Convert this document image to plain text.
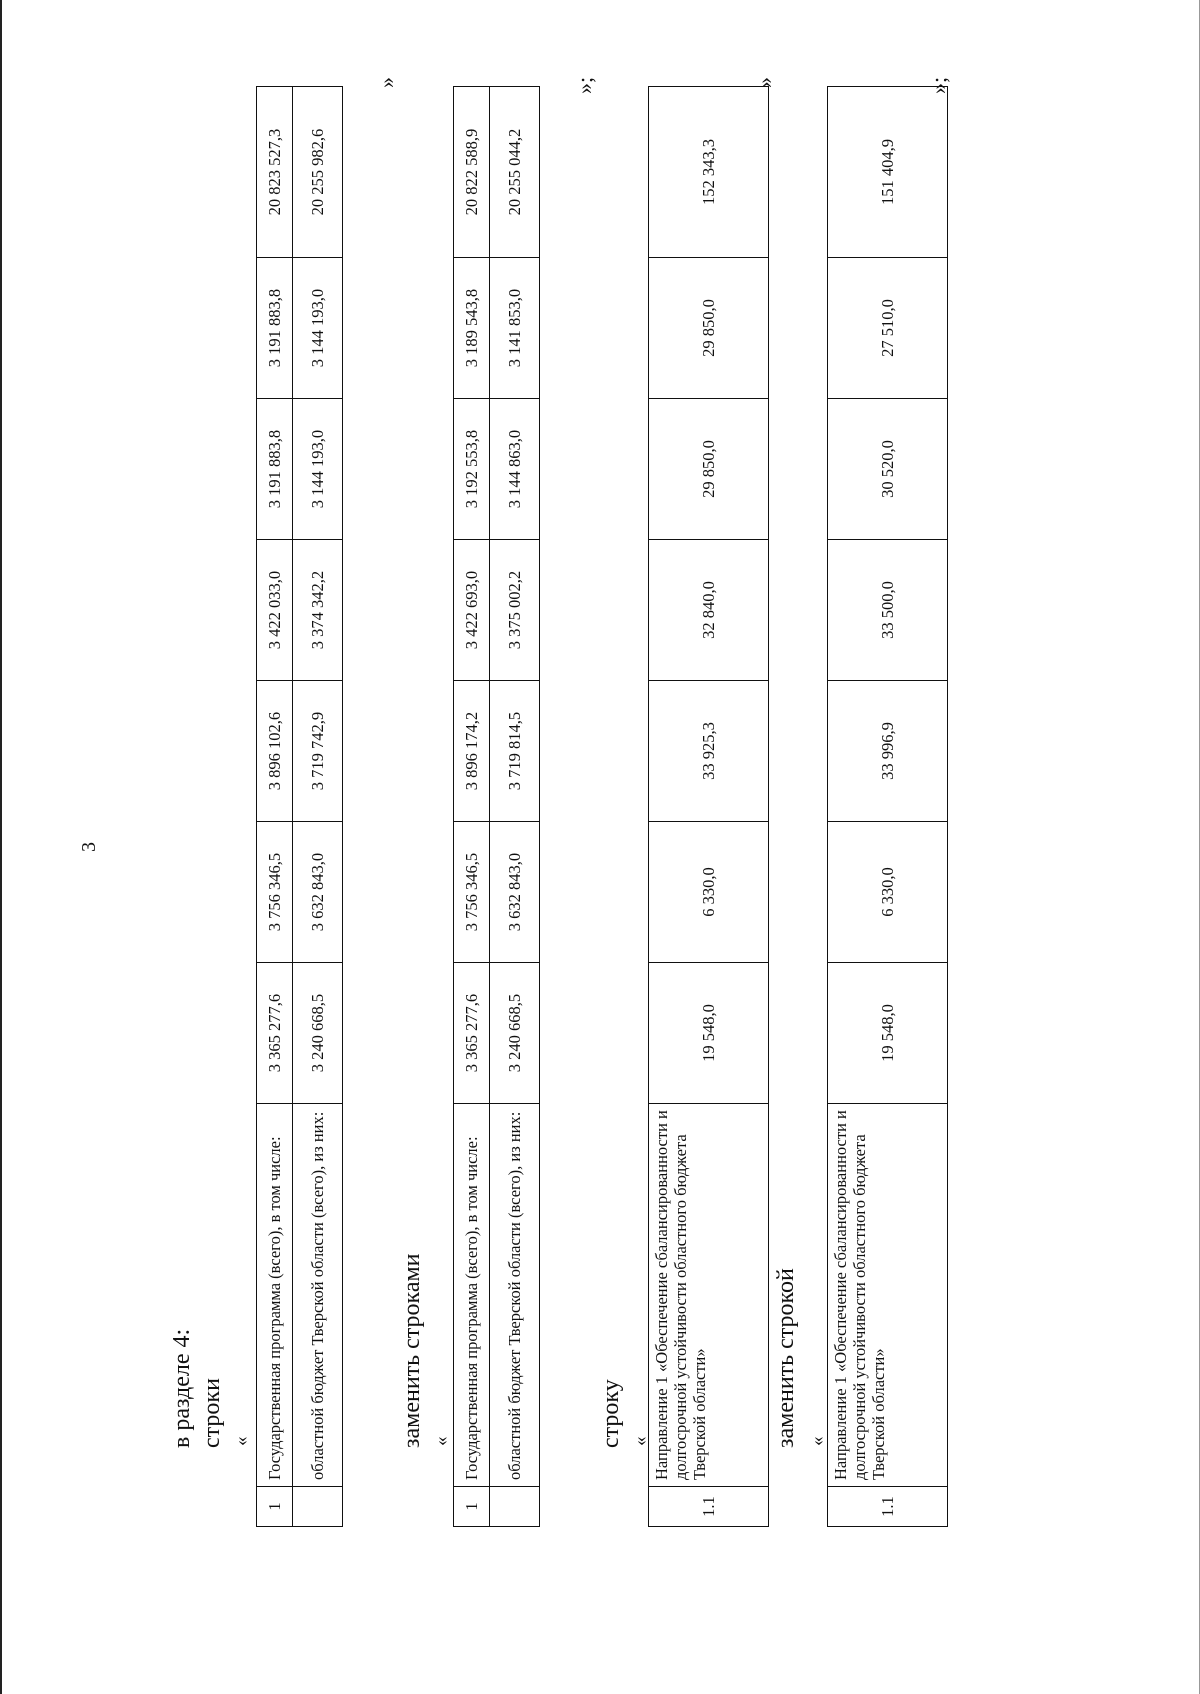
3
в разделе 4: строки «
1	Государственная программа (всего), в том числе:	3 365 277,6	3 756 346,5	3 896 102,6	3 422 033,0	3 191 883,8	3 191 883,8	20 823 527,3
	областной бюджет Тверской области (всего), из них:	3 240 668,5	3 632 843,0	3 719 742,9	3 374 342,2	3 144 193,0	3 144 193,0	20 255 982,6
»
заменить строками «
1	Государственная программа (всего), в том числе:	3 365 277,6	3 756 346,5	3 896 174,2	3 422 693,0	3 192 553,8	3 189 543,8	20 822 588,9
	областной бюджет Тверской области (всего), из них:	3 240 668,5	3 632 843,0	3 719 814,5	3 375 002,2	3 144 863,0	3 141 853,0	20 255 044,2
»;
строку «
1.1	Направление 1 «Обеспечение сбалансированности и долгосрочной устойчивости областного бюджета Тверской области»	19 548,0	6 330,0	33 925,3	32 840,0	29 850,0	29 850,0	152 343,3
»
заменить строкой «
1.1	Направление 1 «Обеспечение сбалансированности и долгосрочной устойчивости областного бюджета Тверской области»	19 548,0	6 330,0	33 996,9	33 500,0	30 520,0	27 510,0	151 404,9
»;
